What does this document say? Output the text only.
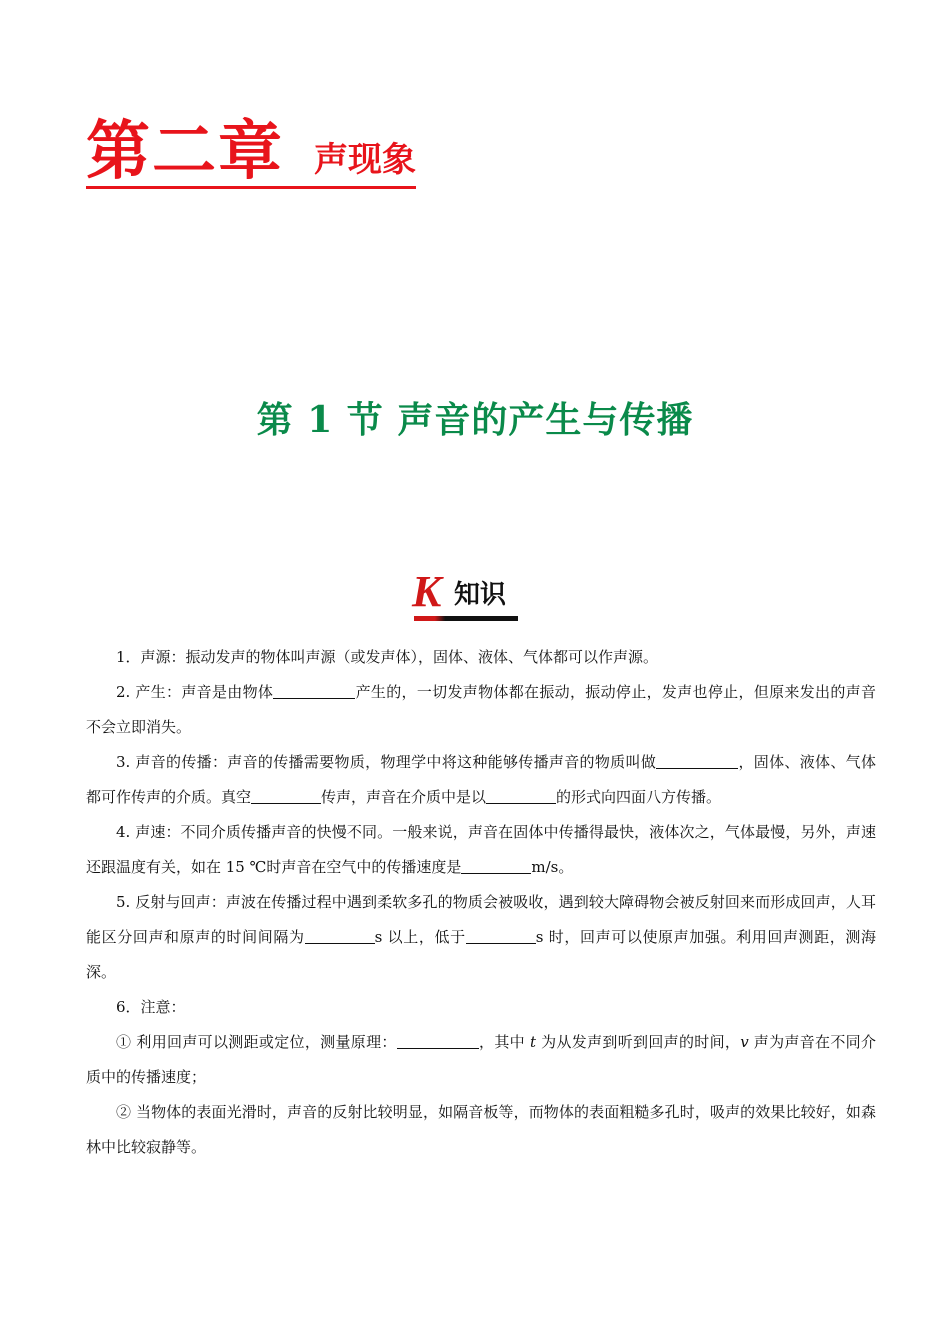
第二章 声现象
第 1 节 声音的产生与传播
K 知识

1．声源：振动发声的物体叫声源（或发声体），固体、液体、气体都可以作声源。

2. 产生：声音是由物体	产生的，一切发声物体都在振动，振动停止，发声也停止，但原来发出的声音不会立即消失。

3. 声音的传播：声音的传播需要物质，物理学中将这种能够传播声音的物质叫做	，固体、液体、气体都可作传声的介质。真空	传声，声音在介质中是以	的形式向四面八方传播。

4. 声速：不同介质传播声音的快慢不同。一般来说，声音在固体中传播得最快，液体次之，气体最慢，另外，声速还跟温度有关，如在 15 ℃时声音在空气中的传播速度是	m/s。

5. 反射与回声：声波在传播过程中遇到柔软多孔的物质会被吸收，遇到较大障碍物会被反射回来而形成回声，人耳能区分回声和原声的时间间隔为	s 以上，低于	s 时，回声可以使原声加强。利用回声测距，测海深。

6．注意：

① 利用回声可以测距或定位，测量原理：	，其中 t 为从发声到听到回声的时间，v 声为声音在不同介质中的传播速度；

② 当物体的表面光滑时，声音的反射比较明显，如隔音板等，而物体的表面粗糙多孔时，吸声的效果比较好，如森林中比较寂静等。
